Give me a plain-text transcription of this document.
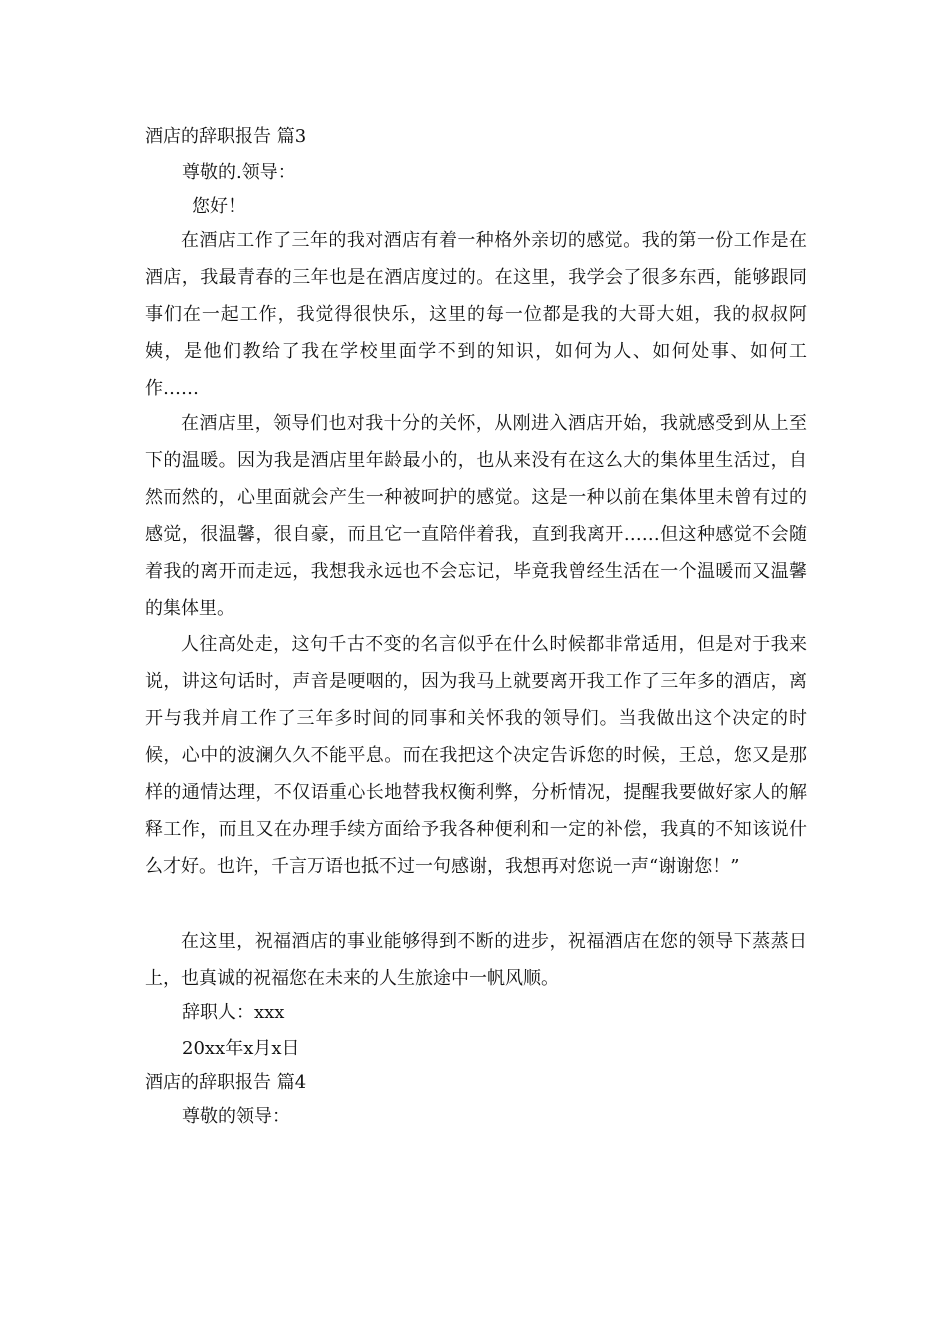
酒店的辞职报告 篇3
尊敬的.领导：
您好！
在酒店工作了三年的我对酒店有着一种格外亲切的感觉。我的第一份工作是在酒店，我最青春的三年也是在酒店度过的。在这里，我学会了很多东西，能够跟同事们在一起工作，我觉得很快乐，这里的每一位都是我的大哥大姐，我的叔叔阿姨，是他们教给了我在学校里面学不到的知识，如何为人、如何处事、如何工作……
在酒店里，领导们也对我十分的关怀，从刚进入酒店开始，我就感受到从上至下的温暖。因为我是酒店里年龄最小的，也从来没有在这么大的集体里生活过，自然而然的，心里面就会产生一种被呵护的感觉。这是一种以前在集体里未曾有过的感觉，很温馨，很自豪，而且它一直陪伴着我，直到我离开……但这种感觉不会随着我的离开而走远，我想我永远也不会忘记，毕竟我曾经生活在一个温暖而又温馨的集体里。
人往高处走，这句千古不变的名言似乎在什么时候都非常适用，但是对于我来说，讲这句话时，声音是哽咽的，因为我马上就要离开我工作了三年多的酒店，离开与我并肩工作了三年多时间的同事和关怀我的领导们。当我做出这个决定的时候，心中的波澜久久不能平息。而在我把这个决定告诉您的时候，王总，您又是那样的通情达理，不仅语重心长地替我权衡利弊，分析情况，提醒我要做好家人的解释工作，而且又在办理手续方面给予我各种便利和一定的补偿，我真的不知该说什么才好。也许，千言万语也抵不过一句感谢，我想再对您说一声“谢谢您！”
在这里，祝福酒店的事业能够得到不断的进步，祝福酒店在您的领导下蒸蒸日上，也真诚的祝福您在未来的人生旅途中一帆风顺。
辞职人：xxx
20xx年x月x日
酒店的辞职报告 篇4
尊敬的领导：
